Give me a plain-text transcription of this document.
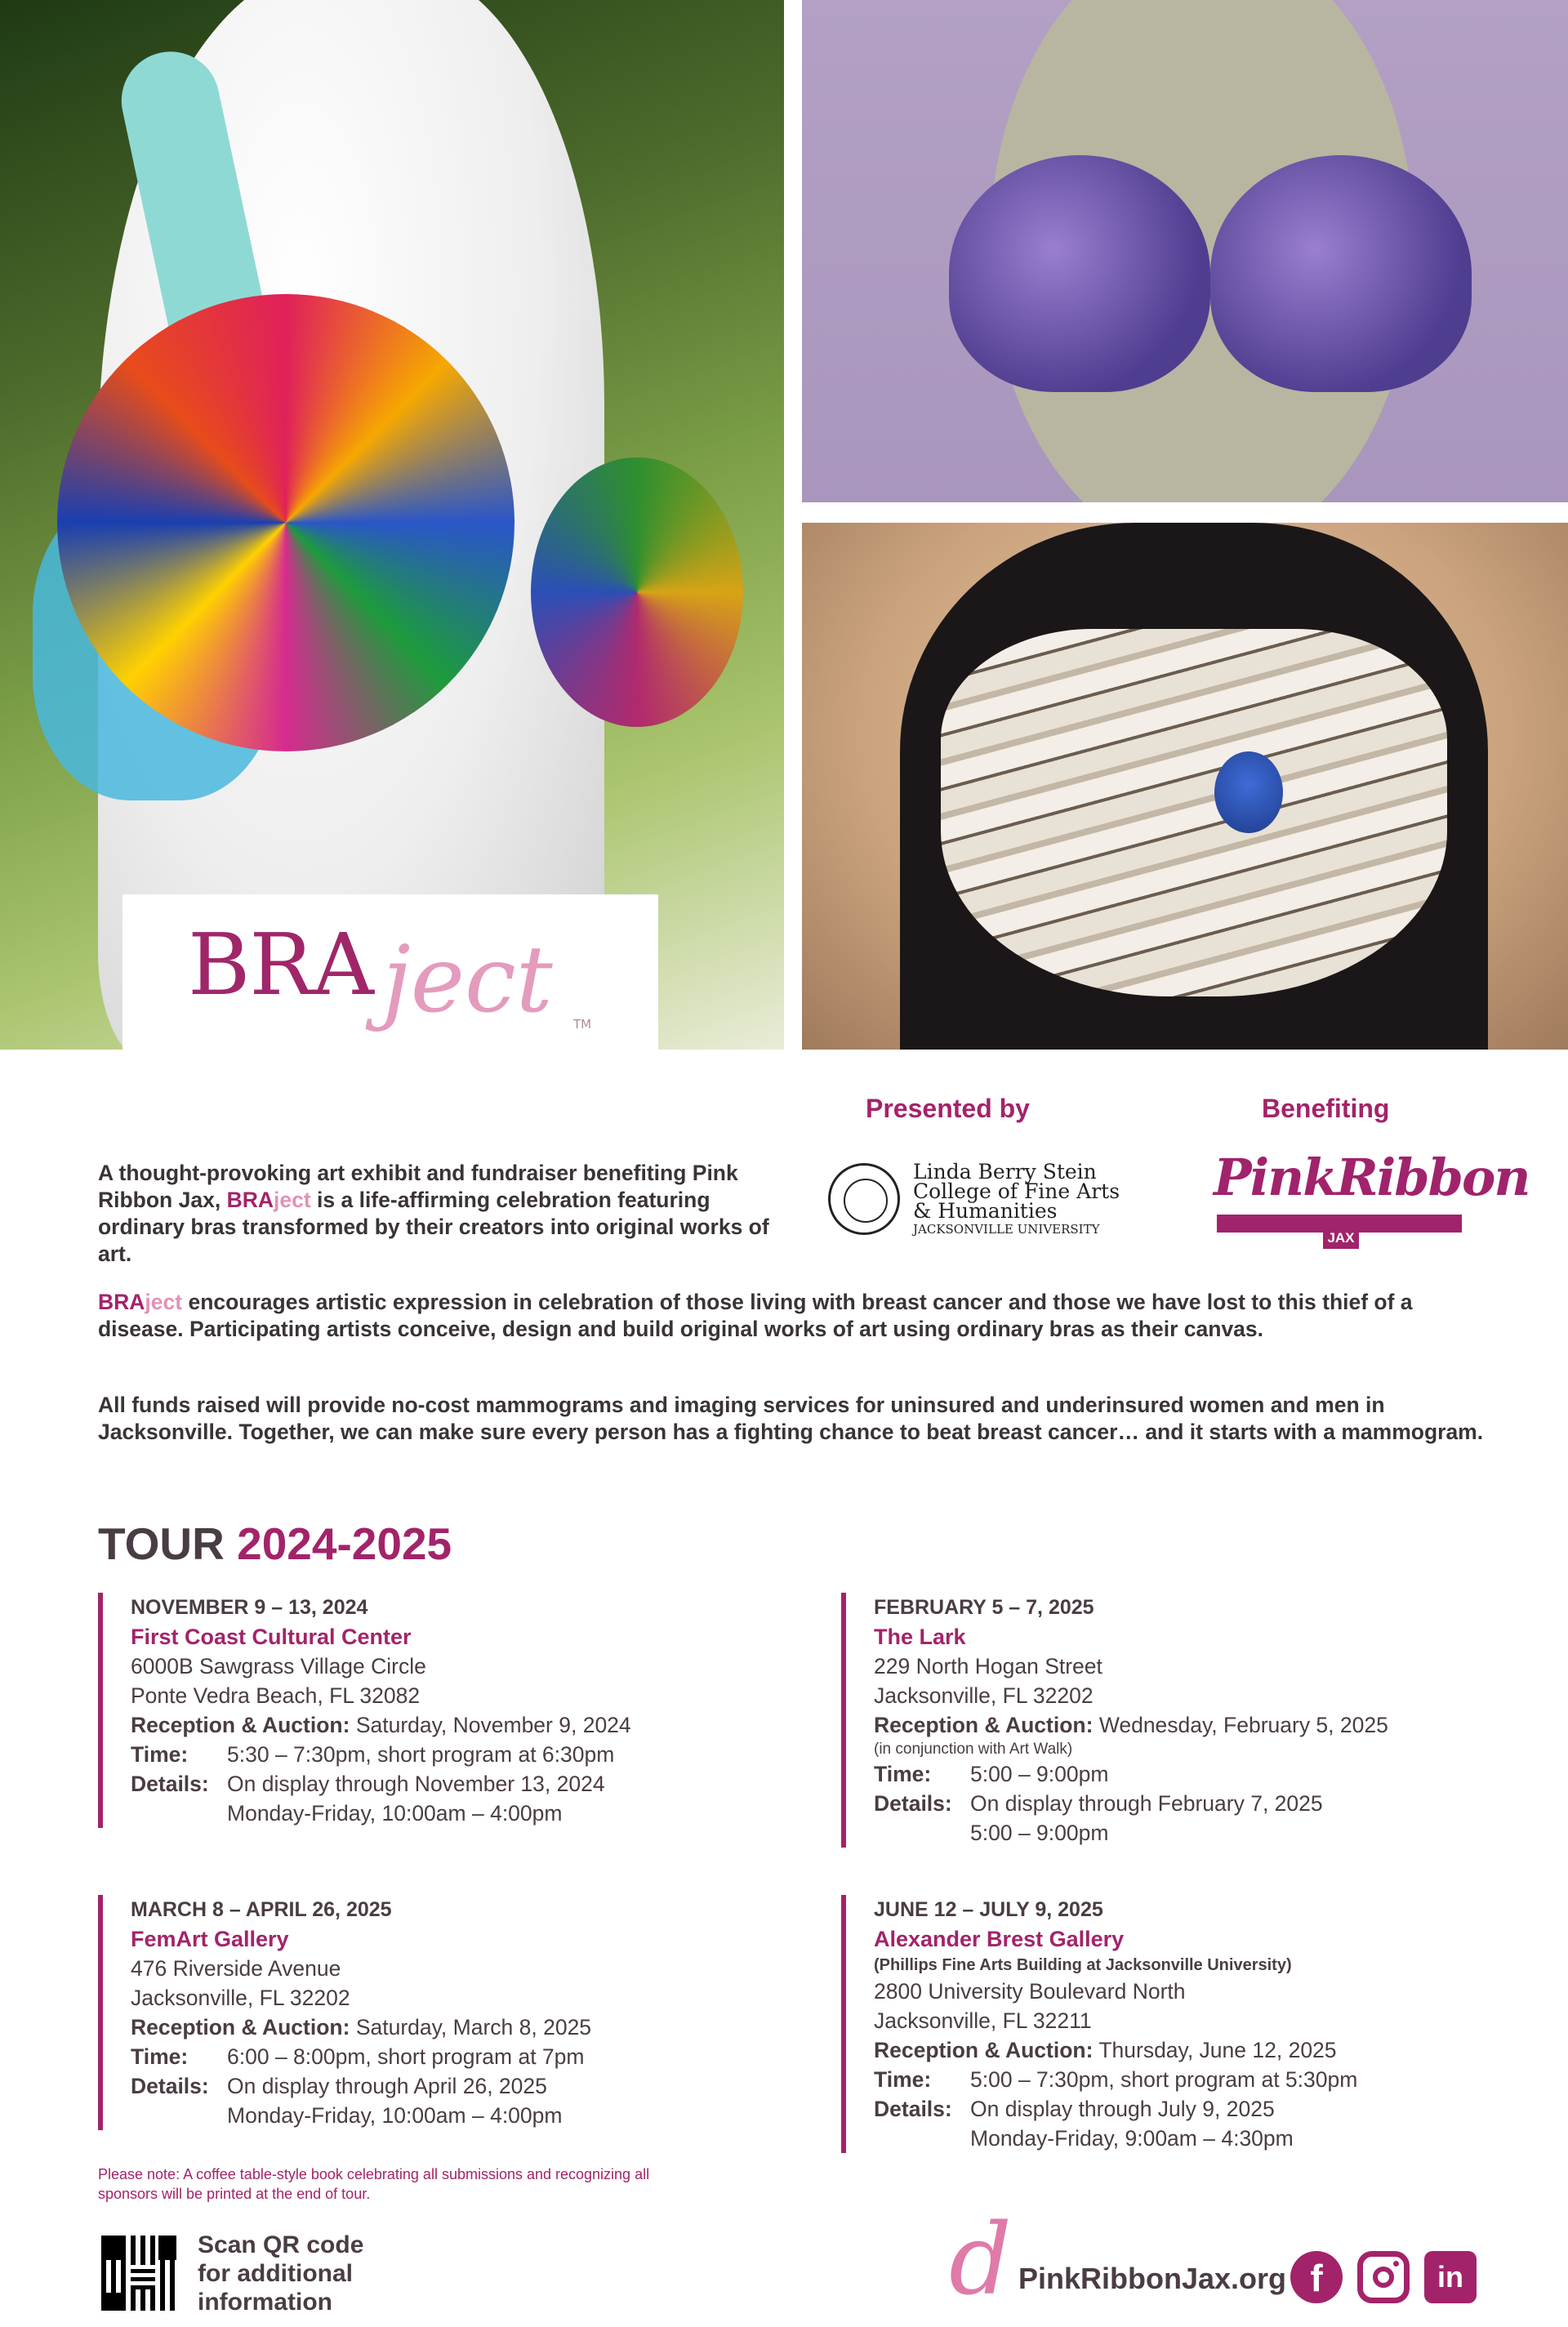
BRA ject TM
Presented by	Benefiting
Linda Berry Stein
College of Fine Arts
& Humanities
JACKSONVILLE UNIVERSITY
PinkRibbon
JAX
A thought-provoking art exhibit and fundraiser benefiting Pink Ribbon Jax, BRAject is a life-affirming celebration featuring ordinary bras transformed by their creators into original works of art.
BRAject encourages artistic expression in celebration of those living with breast cancer and those we have lost to this thief of a disease. Participating artists conceive, design and build original works of art using ordinary bras as their canvas.
All funds raised will provide no-cost mammograms and imaging services for uninsured and underinsured women and men in Jacksonville. Together, we can make sure every person has a fighting chance to beat breast cancer… and it starts with a mammogram.
TOUR 2024-2025
NOVEMBER 9 – 13, 2024
First Coast Cultural Center
6000B Sawgrass Village Circle
Ponte Vedra Beach, FL 32082
Reception & Auction: Saturday, November 9, 2024
Time:	5:30 – 7:30pm, short program at 6:30pm
Details: On display through November 13, 2024
Monday-Friday, 10:00am – 4:00pm
FEBRUARY 5 – 7, 2025
The Lark
229 North Hogan Street
Jacksonville, FL 32202
Reception & Auction: Wednesday, February 5, 2025
(in conjunction with Art Walk)
Time:	5:00 – 9:00pm
Details: On display through February 7, 2025
5:00 – 9:00pm
MARCH 8 – APRIL 26, 2025
FemArt Gallery
476 Riverside Avenue
Jacksonville, FL 32202
Reception & Auction: Saturday, March 8, 2025
Time:	6:00 – 8:00pm, short program at 7pm
Details: On display through April 26, 2025
Monday-Friday, 10:00am – 4:00pm
JUNE 12 – JULY 9, 2025
Alexander Brest Gallery
(Phillips Fine Arts Building at Jacksonville University)
2800 University Boulevard North
Jacksonville, FL 32211
Reception & Auction: Thursday, June 12, 2025
Time:	5:00 – 7:30pm, short program at 5:30pm
Details: On display through July 9, 2025
Monday-Friday, 9:00am – 4:30pm
Please note: A coffee table-style book celebrating all submissions and recognizing all sponsors will be printed at the end of tour.
Scan QR code
for additional
information	d PinkRibbonJax.org f	in
